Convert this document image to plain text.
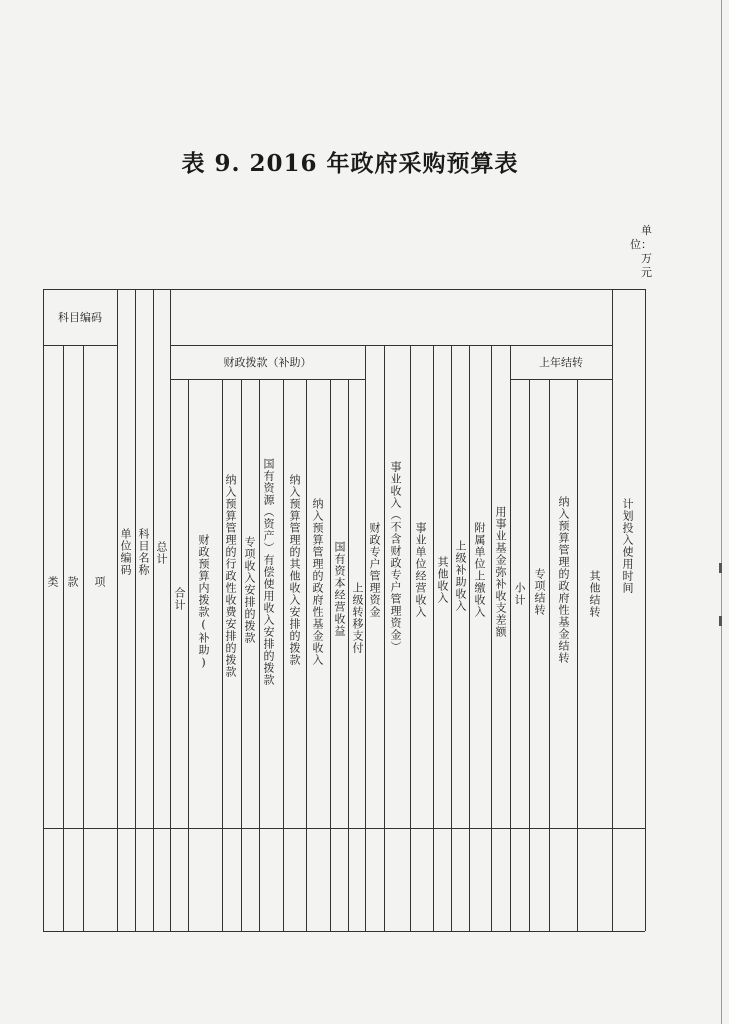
表 9. 2016 年政府采购预算表
单
位：
万
元
科目编码
类 款 项
单位编码 科目名称 总计
财政拨款（补助）
合计 财政预算内拨款(补助) 纳入预算管理的行政性收费安排的拨款 专项收入安排的拨款 国有资源（资产）有偿使用收入安排的拨款 纳入预算管理的其他收入安排的拨款 纳入预算管理的政府性基金收入 国有资本经营收益 上级转移支付 财政专户管理资金 事业收入（不含财政专户管理资金） 事业单位经营收入 其他收入 上级补助收入 附属单位上缴收入 用事业基金弥补收支差额
上年结转
小计 专项结转 纳入预算管理的政府性基金结转 其他结转 计划投入使用时间
